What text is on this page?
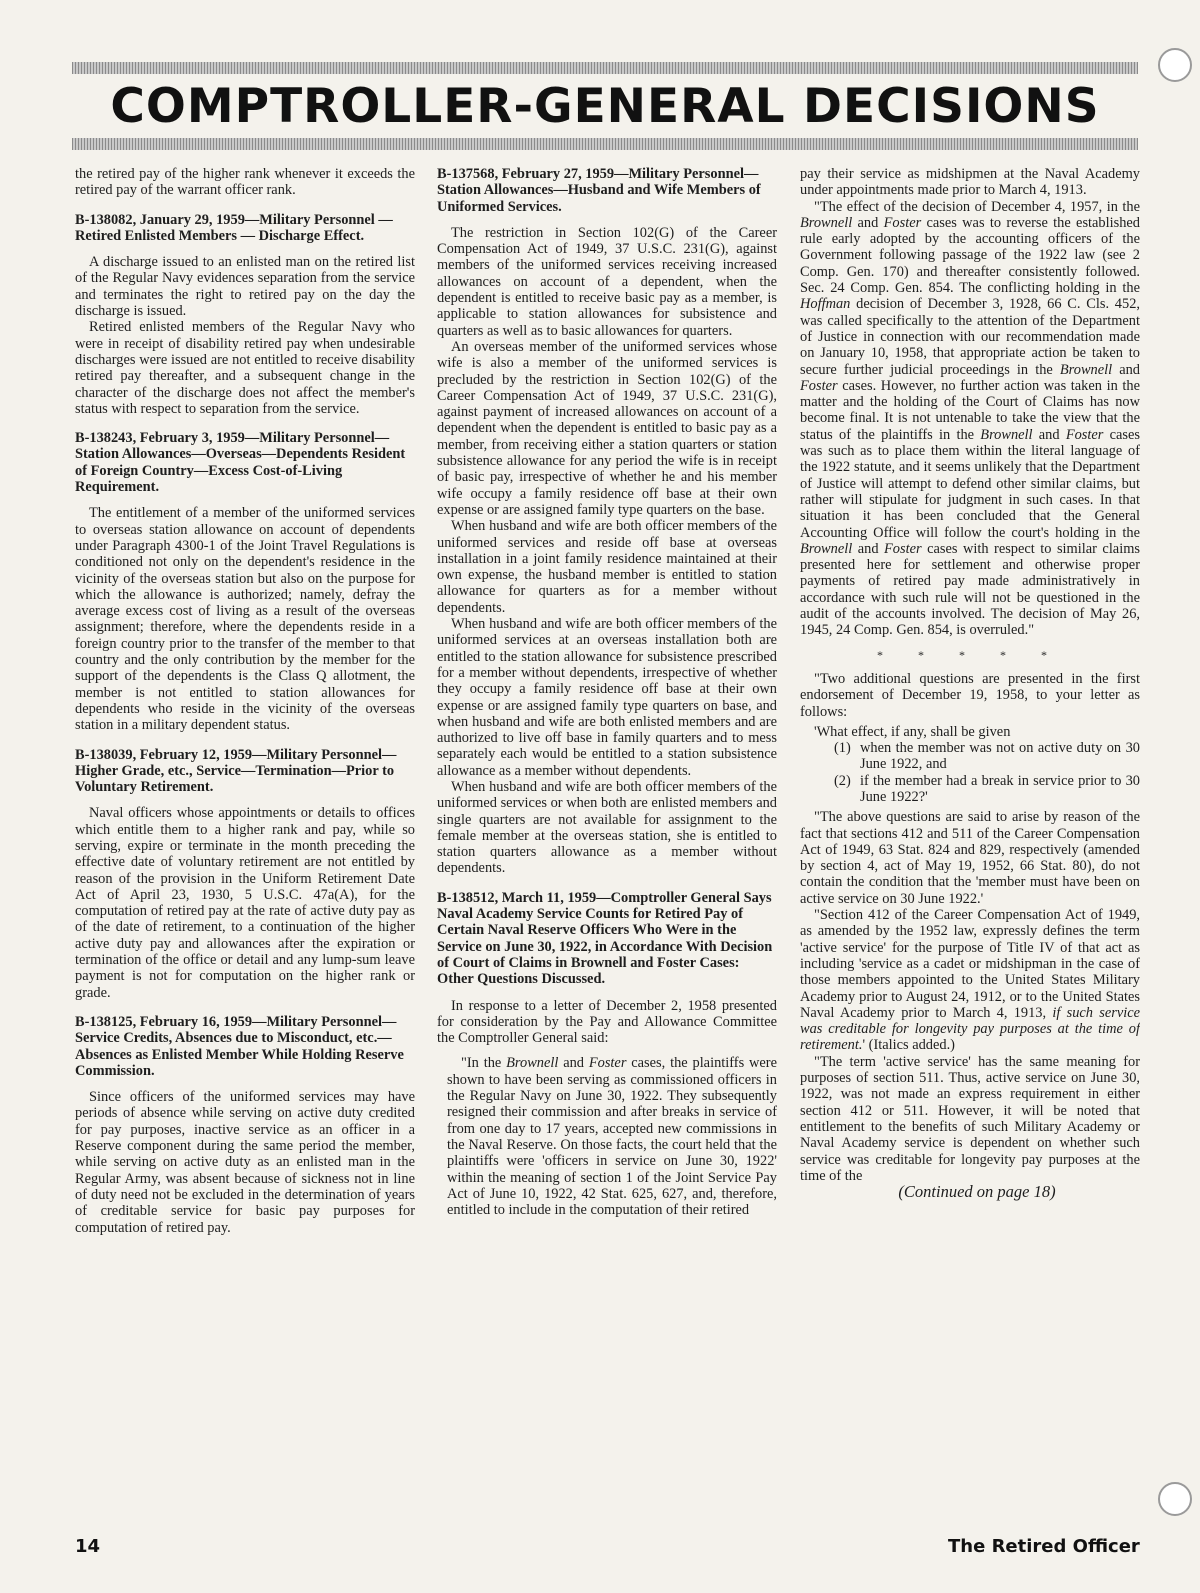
COMPTROLLER-GENERAL DECISIONS

the retired pay of the higher rank whenever it exceeds the retired pay of the warrant officer rank.

B-138082, January 29, 1959—Military Personnel — Retired Enlisted Members — Discharge Effect.

A discharge issued to an enlisted man on the retired list of the Regular Navy evidences separation from the service and terminates the right to retired pay on the day the discharge is issued.

Retired enlisted members of the Regular Navy who were in receipt of disability retired pay when undesirable discharges were issued are not entitled to receive disability retired pay thereafter, and a subsequent change in the character of the discharge does not affect the member's status with respect to separation from the service.

B-138243, February 3, 1959—Military Personnel—Station Allowances—Overseas—Dependents Resident of Foreign Country—Excess Cost-of-Living Requirement.

The entitlement of a member of the uniformed services to overseas station allowance on account of dependents under Paragraph 4300-1 of the Joint Travel Regulations is conditioned not only on the dependent's residence in the vicinity of the overseas station but also on the purpose for which the allowance is authorized; namely, defray the average excess cost of living as a result of the overseas assignment; therefore, where the dependents reside in a foreign country prior to the transfer of the member to that country and the only contribution by the member for the support of the dependents is the Class Q allotment, the member is not entitled to station allowances for dependents who reside in the vicinity of the overseas station in a military dependent status.

B-138039, February 12, 1959—Military Personnel—Higher Grade, etc., Service—Termination—Prior to Voluntary Retirement.

Naval officers whose appointments or details to offices which entitle them to a higher rank and pay, while so serving, expire or terminate in the month preceding the effective date of voluntary retirement are not entitled by reason of the provision in the Uniform Retirement Date Act of April 23, 1930, 5 U.S.C. 47a(A), for the computation of retired pay at the rate of active duty pay as of the date of retirement, to a continuation of the higher active duty pay and allowances after the expiration or termination of the office or detail and any lump-sum leave payment is not for computation on the higher rank or grade.

B-138125, February 16, 1959—Military Personnel—Service Credits, Absences due to Misconduct, etc.—Absences as Enlisted Member While Holding Reserve Commission.

Since officers of the uniformed services may have periods of absence while serving on active duty credited for pay purposes, inactive service as an officer in a Reserve component during the same period the member, while serving on active duty as an enlisted man in the Regular Army, was absent because of sickness not in line of duty need not be excluded in the determination of years of creditable service for basic pay purposes for computation of retired pay.

B-137568, February 27, 1959—Military Personnel—Station Allowances—Husband and Wife Members of Uniformed Services.

The restriction in Section 102(G) of the Career Compensation Act of 1949, 37 U.S.C. 231(G), against members of the uniformed services receiving increased allowances on account of a dependent, when the dependent is entitled to receive basic pay as a member, is applicable to station allowances for subsistence and quarters as well as to basic allowances for quarters.

An overseas member of the uniformed services whose wife is also a member of the uniformed services is precluded by the restriction in Section 102(G) of the Career Compensation Act of 1949, 37 U.S.C. 231(G), against payment of increased allowances on account of a dependent when the dependent is entitled to basic pay as a member, from receiving either a station quarters or station subsistence allowance for any period the wife is in receipt of basic pay, irrespective of whether he and his member wife occupy a family residence off base at their own expense or are assigned family type quarters on the base.

When husband and wife are both officer members of the uniformed services and reside off base at overseas installation in a joint family residence maintained at their own expense, the husband member is entitled to station allowance for quarters as for a member without dependents.

When husband and wife are both officer members of the uniformed services at an overseas installation both are entitled to the station allowance for subsistence prescribed for a member without dependents, irrespective of whether they occupy a family residence off base at their own expense or are assigned family type quarters on base, and when husband and wife are both enlisted members and are authorized to live off base in family quarters and to mess separately each would be entitled to a station subsistence allowance as a member without dependents.

When husband and wife are both officer members of the uniformed services or when both are enlisted members and single quarters are not available for assignment to the female member at the overseas station, she is entitled to station quarters allowance as a member without dependents.

B-138512, March 11, 1959—Comptroller General Says Naval Academy Service Counts for Retired Pay of Certain Naval Reserve Officers Who Were in the Service on June 30, 1922, in Accordance With Decision of Court of Claims in Brownell and Foster Cases: Other Questions Discussed.

In response to a letter of December 2, 1958 presented for consideration by the Pay and Allowance Committee the Comptroller General said:

"In the Brownell and Foster cases, the plaintiffs were shown to have been serving as commissioned officers in the Regular Navy on June 30, 1922. They subsequently resigned their commission and after breaks in service of from one day to 17 years, accepted new commissions in the Naval Reserve. On those facts, the court held that the plaintiffs were 'officers in service on June 30, 1922' within the meaning of section 1 of the Joint Service Pay Act of June 10, 1922, 42 Stat. 625, 627, and, therefore, entitled to include in the computation of their retired

pay their service as midshipmen at the Naval Academy under appointments made prior to March 4, 1913.

"The effect of the decision of December 4, 1957, in the Brownell and Foster cases was to reverse the established rule early adopted by the accounting officers of the Government following passage of the 1922 law (see 2 Comp. Gen. 170) and thereafter consistently followed. Sec. 24 Comp. Gen. 854. The conflicting holding in the Hoffman decision of December 3, 1928, 66 C. Cls. 452, was called specifically to the attention of the Department of Justice in connection with our recommendation made on January 10, 1958, that appropriate action be taken to secure further judicial proceedings in the Brownell and Foster cases. However, no further action was taken in the matter and the holding of the Court of Claims has now become final. It is not untenable to take the view that the status of the plaintiffs in the Brownell and Foster cases was such as to place them within the literal language of the 1922 statute, and it seems unlikely that the Department of Justice will attempt to defend other similar claims, but rather will stipulate for judgment in such cases. In that situation it has been concluded that the General Accounting Office will follow the court's holding in the Brownell and Foster cases with respect to similar claims presented here for settlement and otherwise proper payments of retired pay made administratively in accordance with such rule will not be questioned in the audit of the accounts involved. The decision of May 26, 1945, 24 Comp. Gen. 854, is overruled."

* * * * *

"Two additional questions are presented in the first endorsement of December 19, 1958, to your letter as follows:

'What effect, if any, shall be given

(1) when the member was not on active duty on 30 June 1922, and
(2) if the member had a break in service prior to 30 June 1922?'

"The above questions are said to arise by reason of the fact that sections 412 and 511 of the Career Compensation Act of 1949, 63 Stat. 824 and 829, respectively (amended by section 4, act of May 19, 1952, 66 Stat. 80), do not contain the condition that the 'member must have been on active service on 30 June 1922.'

"Section 412 of the Career Compensation Act of 1949, as amended by the 1952 law, expressly defines the term 'active service' for the purpose of Title IV of that act as including 'service as a cadet or midshipman in the case of those members appointed to the United States Military Academy prior to August 24, 1912, or to the United States Naval Academy prior to March 4, 1913, if such service was creditable for longevity pay purposes at the time of retirement.' (Italics added.)

"The term 'active service' has the same meaning for purposes of section 511. Thus, active service on June 30, 1922, was not made an express requirement in either section 412 or 511. However, it will be noted that entitlement to the benefits of such Military Academy or Naval Academy service is dependent on whether such service was creditable for longevity pay purposes at the time of the

(Continued on page 18)

14	The Retired Officer
